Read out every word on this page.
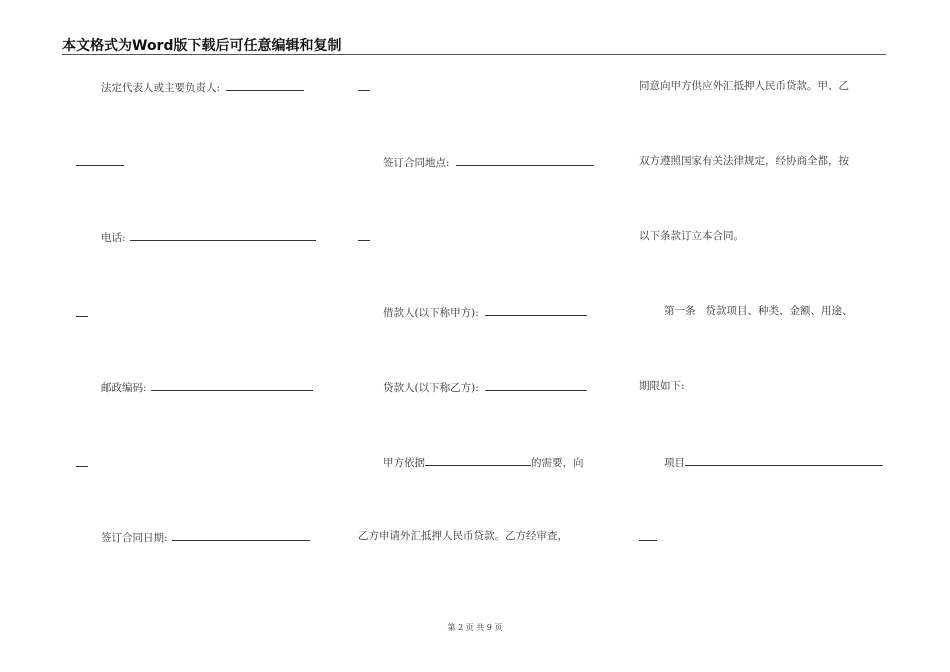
本文格式为Word版下载后可任意编辑和复制
法定代表人或主要负责人:
电话:
邮政编码:
签订合同日期:
签订合同地点:
借款人(以下称甲方):
贷款人(以下称乙方):
甲方依据	的需要，向
乙方申请外汇抵押人民币贷款。乙方经审查，
同意向甲方供应外汇抵押人民币贷款。甲、乙
双方遵照国家有关法律规定，经协商全都，按
以下条款订立本合同。
第一条   贷款项目、种类、金额、用途、
期限如下:
项目
第 2 页 共 9 页
